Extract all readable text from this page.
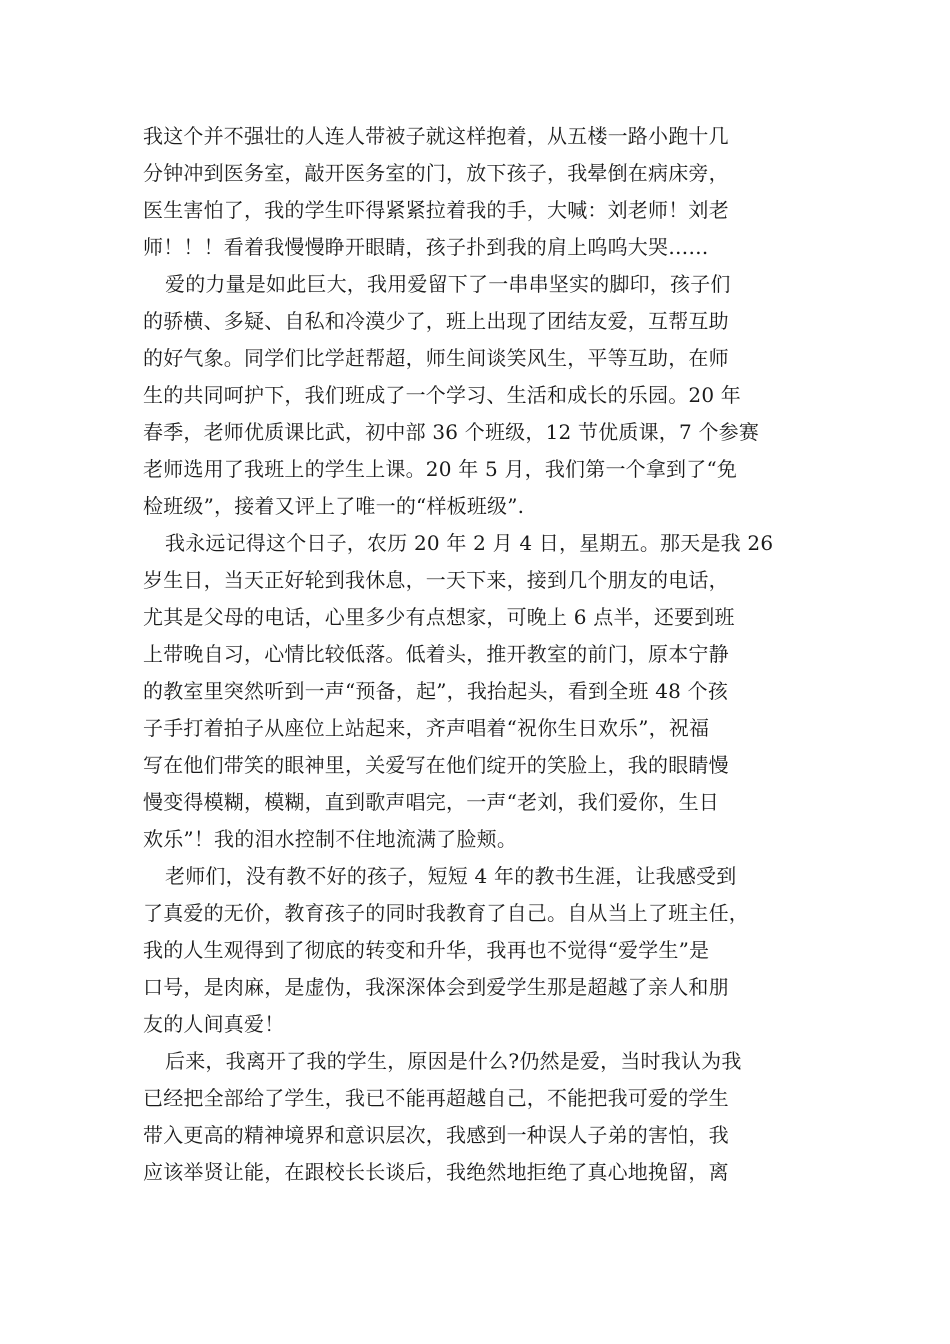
我这个并不强壮的人连人带被子就这样抱着，从五楼一路小跑十几
分钟冲到医务室，敲开医务室的门，放下孩子，我晕倒在病床旁，
医生害怕了，我的学生吓得紧紧拉着我的手，大喊：刘老师！刘老
师！！！看着我慢慢睁开眼睛，孩子扑到我的肩上呜呜大哭……
爱的力量是如此巨大，我用爱留下了一串串坚实的脚印，孩子们
的骄横、多疑、自私和冷漠少了，班上出现了团结友爱，互帮互助
的好气象。同学们比学赶帮超，师生间谈笑风生，平等互助，在师
生的共同呵护下，我们班成了一个学习、生活和成长的乐园。20 年
春季，老师优质课比武，初中部 36 个班级，12 节优质课，7 个参赛
老师选用了我班上的学生上课。20 年 5 月，我们第一个拿到了“免
检班级”，接着又评上了唯一的“样板班级”.
我永远记得这个日子，农历 20 年 2 月 4 日，星期五。那天是我 26
岁生日，当天正好轮到我休息，一天下来，接到几个朋友的电话，
尤其是父母的电话，心里多少有点想家，可晚上 6 点半，还要到班
上带晚自习，心情比较低落。低着头，推开教室的前门，原本宁静
的教室里突然听到一声“预备，起”，我抬起头，看到全班 48 个孩
子手打着拍子从座位上站起来，齐声唱着“祝你生日欢乐”，祝福
写在他们带笑的眼神里，关爱写在他们绽开的笑脸上，我的眼睛慢
慢变得模糊，模糊，直到歌声唱完，一声“老刘，我们爱你，生日
欢乐”！我的泪水控制不住地流满了脸颊。
老师们，没有教不好的孩子，短短 4 年的教书生涯，让我感受到
了真爱的无价，教育孩子的同时我教育了自己。自从当上了班主任，
我的人生观得到了彻底的转变和升华，我再也不觉得“爱学生”是
口号，是肉麻，是虚伪，我深深体会到爱学生那是超越了亲人和朋
友的人间真爱！
后来，我离开了我的学生，原因是什么?仍然是爱，当时我认为我
已经把全部给了学生，我已不能再超越自己，不能把我可爱的学生
带入更高的精神境界和意识层次，我感到一种误人子弟的害怕，我
应该举贤让能，在跟校长长谈后，我绝然地拒绝了真心地挽留，离
